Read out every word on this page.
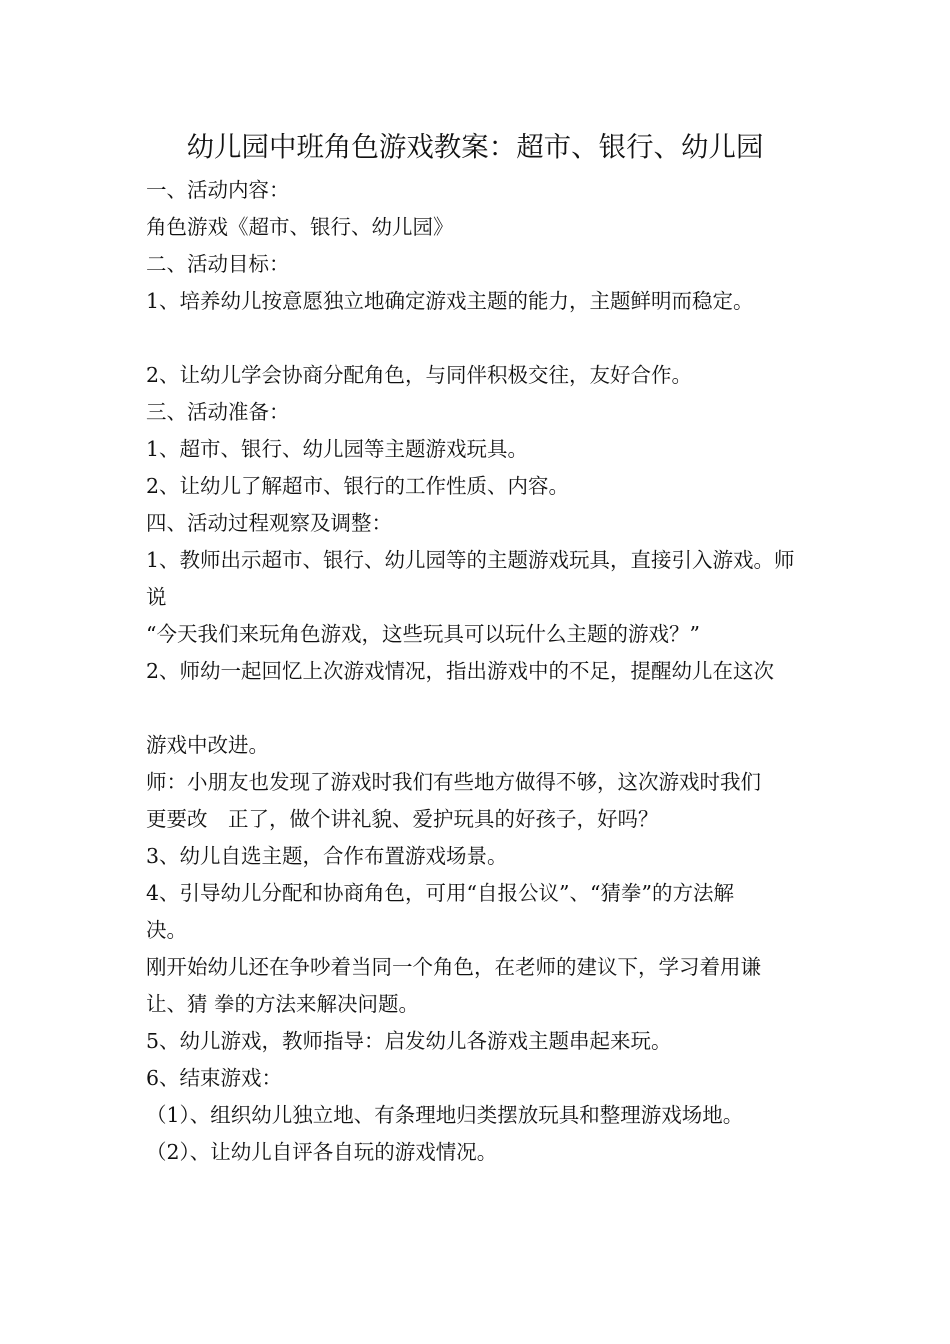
幼儿园中班角色游戏教案：超市、银行、幼儿园
一、活动内容：
角色游戏《超市、银行、幼儿园》
二、活动目标：
1、培养幼儿按意愿独立地确定游戏主题的能力，主题鲜明而稳定。
2、让幼儿学会协商分配角色，与同伴积极交往，友好合作。
三、活动准备：
1、超市、银行、幼儿园等主题游戏玩具。
2、让幼儿了解超市、银行的工作性质、内容。
四、活动过程观察及调整：
1、教师出示超市、银行、幼儿园等的主题游戏玩具，直接引入游戏。师
说
“今天我们来玩角色游戏，这些玩具可以玩什么主题的游戏？”
2、师幼一起回忆上次游戏情况，指出游戏中的不足，提醒幼儿在这次
游戏中改进。
师：小朋友也发现了游戏时我们有些地方做得不够，这次游戏时我们
更要改　正了，做个讲礼貌、爱护玩具的好孩子，好吗？
3、幼儿自选主题，合作布置游戏场景。
4、引导幼儿分配和协商角色，可用“自报公议”、“猜拳”的方法解
决。
刚开始幼儿还在争吵着当同一个角色，在老师的建议下，学习着用谦
让、猜 拳的方法来解决问题。
5、幼儿游戏，教师指导：启发幼儿各游戏主题串起来玩。
6、结束游戏：
（1）、组织幼儿独立地、有条理地归类摆放玩具和整理游戏场地。
（2）、让幼儿自评各自玩的游戏情况。
